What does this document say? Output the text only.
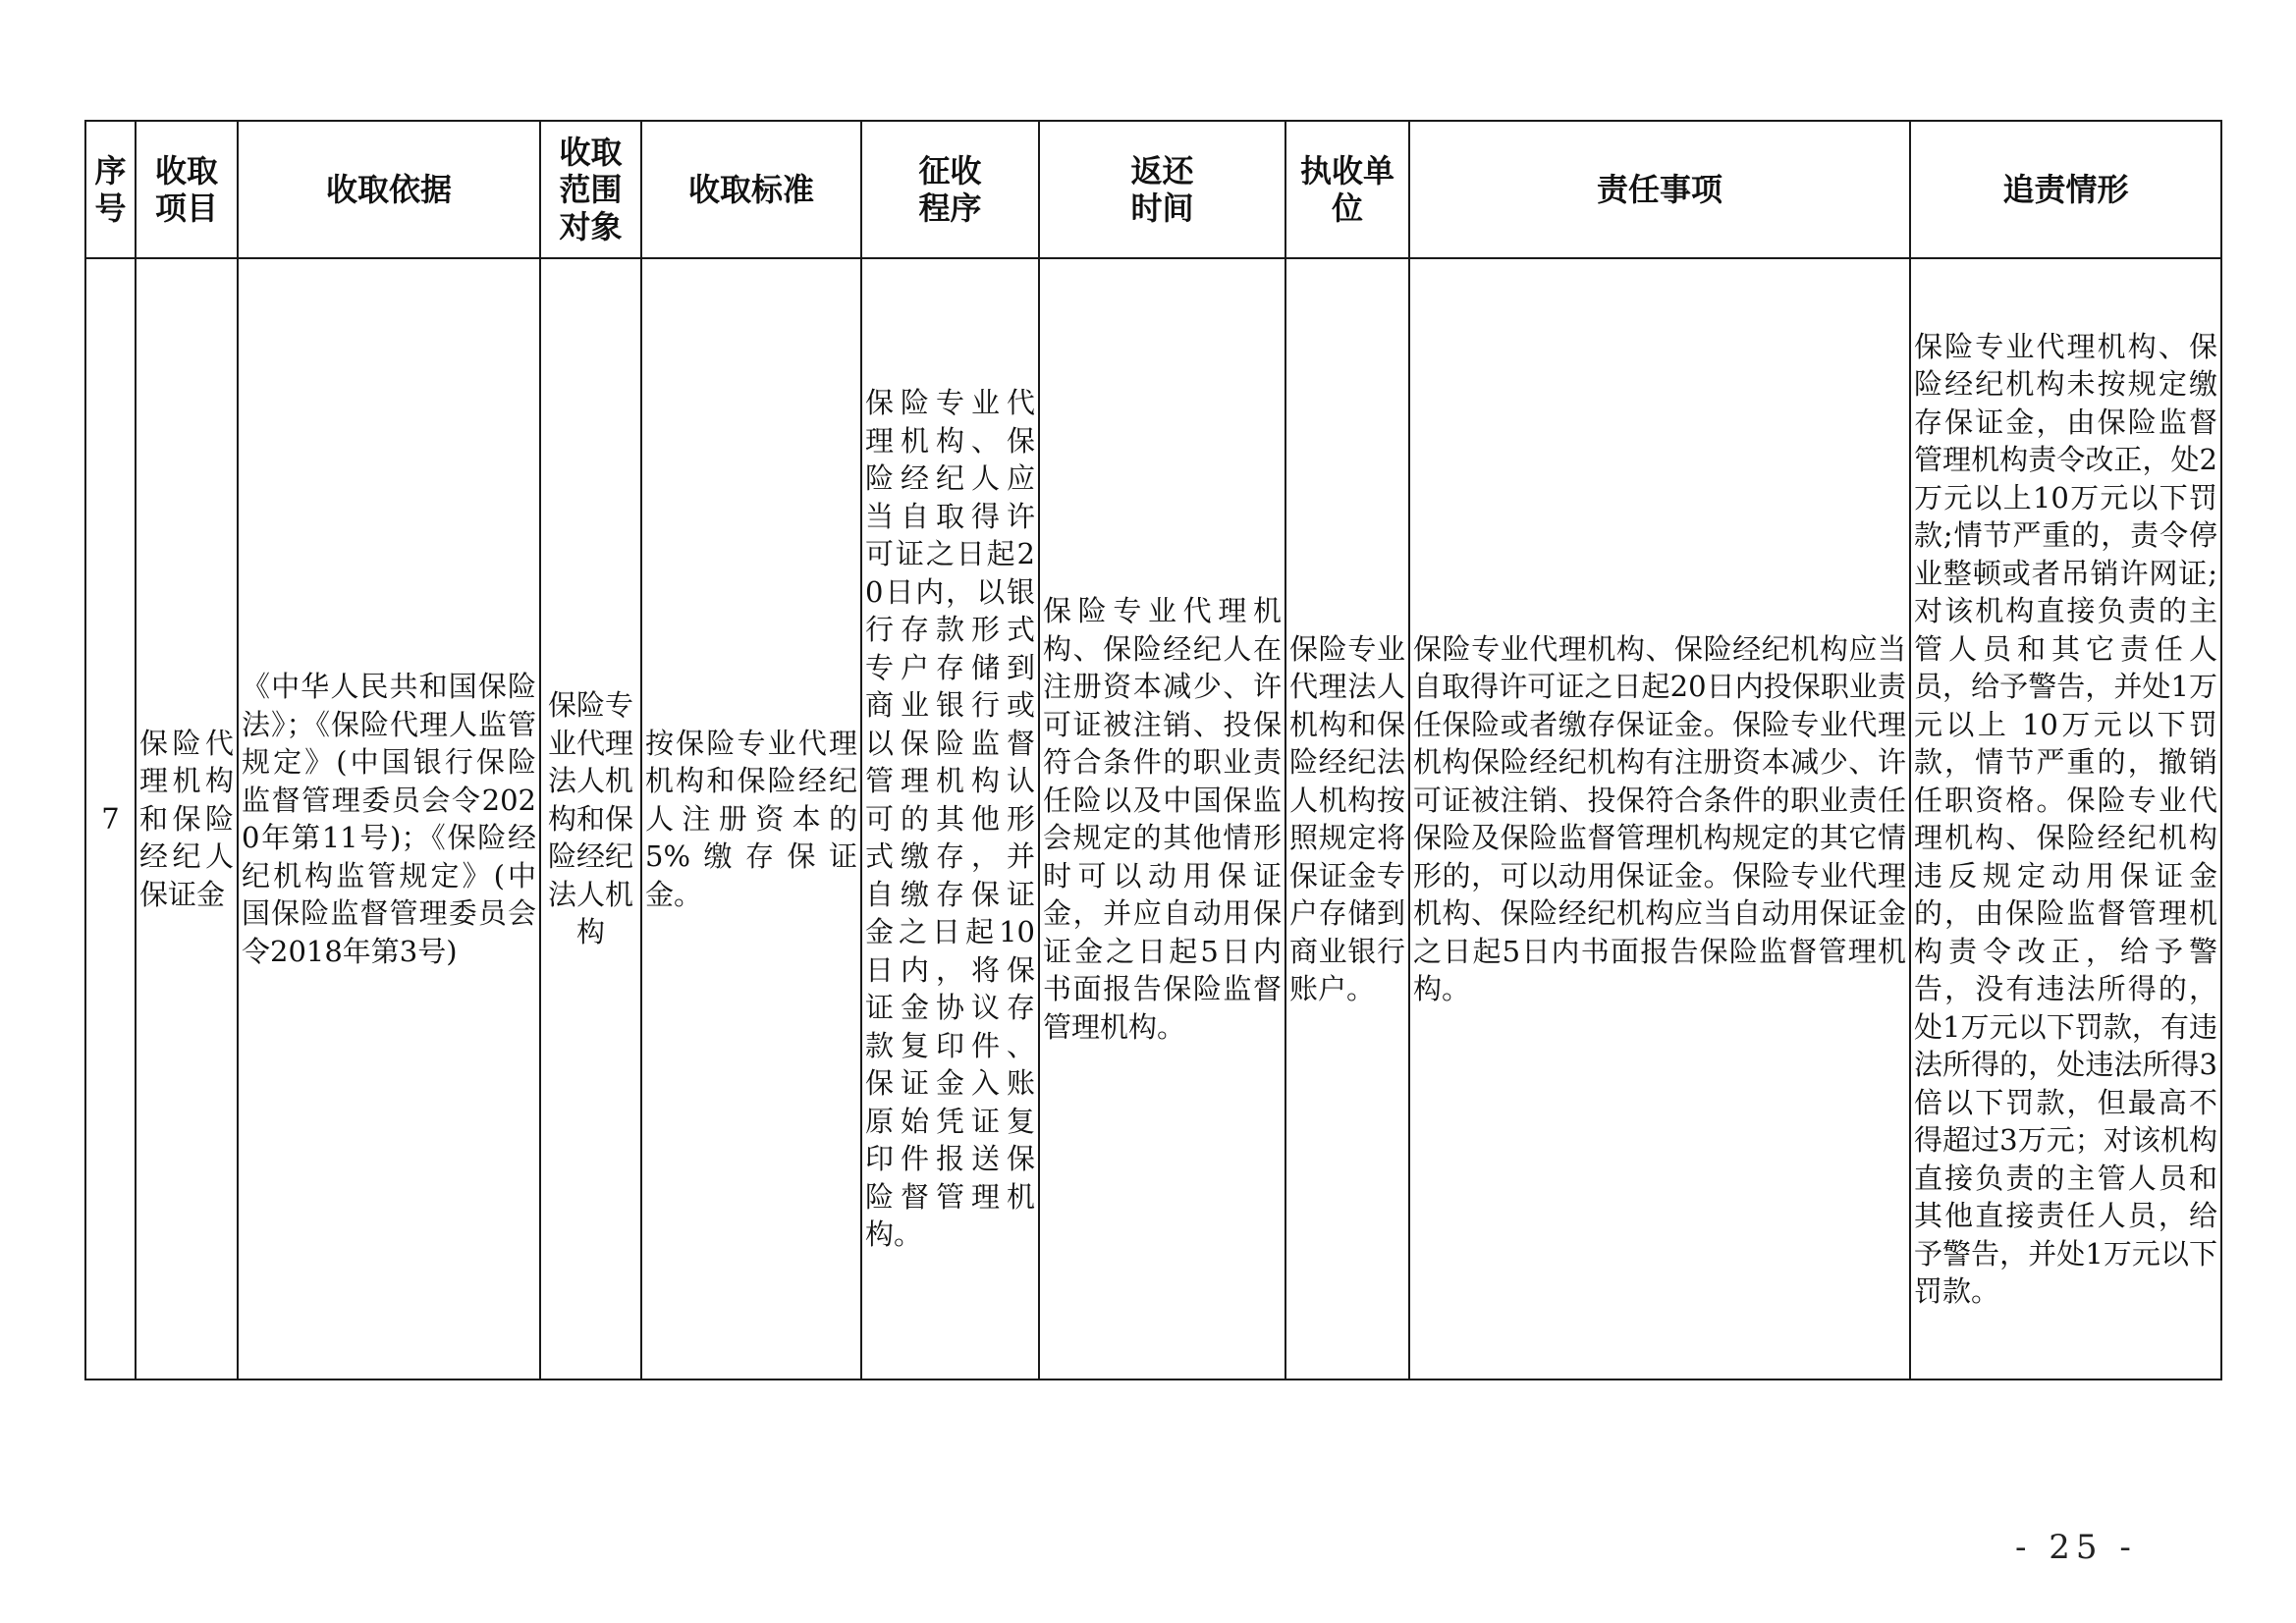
序号	收取项目	收取依据	收取范围对象	收取标准	征收程序	返还时间	执收单位	责任事项	追责情形

7	保险代理机构和保险经纪人保证金	《中华人民共和国保险法》；《保险代理人监管规定》(中国银行保险监督管理委员会令2020年第11号)；《保险经纪机构监管规定》(中国保险监督管理委员会令2018年第3号)	保险专业代理法人机构和保险经纪法人机构	按保险专业代理机构和保险经纪人注册资本的5%缴存保证金。	保险专业代理机构、保险经纪人应当自取得许可证之日起20日内，以银行存款形式专户存储到商业银行或以保险监督管理机构认可的其他形式缴存，并自缴存保证金之日起10日内，将保证金协议存款复印件、保证金入账原始凭证复印件报送保险督管理机构。	保险专业代理机构、保险经纪人在注册资本减少、许可证被注销、投保符合条件的职业责任险以及中国保监会规定的其他情形时可以动用保证金，并应自动用保证金之日起5日内书面报告保险监督管理机构。	保险专业代理法人机构和保险经纪法人机构按照规定将保证金专户存储到商业银行账户。	保险专业代理机构、保险经纪机构应当自取得许可证之日起20日内投保职业责任保险或者缴存保证金。保险专业代理机构保险经纪机构有注册资本减少、许可证被注销、投保符合条件的职业责任保险及保险监督管理机构规定的其它情形的，可以动用保证金。保险专业代理机构、保险经纪机构应当自动用保证金之日起5日内书面报告保险监督管理机构。	保险专业代理机构、保险经纪机构未按规定缴存保证金，由保险监督管理机构责令改正，处2万元以上10万元以下罚款;情节严重的，责令停业整顿或者吊销许网证;对该机构直接负责的主管人员和其它责任人员，给予警告，并处1万元以上 10万元以下罚款，情节严重的，撤销任职资格。保险专业代理机构、保险经纪机构违反规定动用保证金的，由保险监督管理机构责令改正，给予警告，没有违法所得的，处1万元以下罚款，有违法所得的，处违法所得3倍以下罚款，但最高不得超过3万元；对该机构直接负责的主管人员和其他直接责任人员，给予警告，并处1万元以下罚款。
- 25 -
